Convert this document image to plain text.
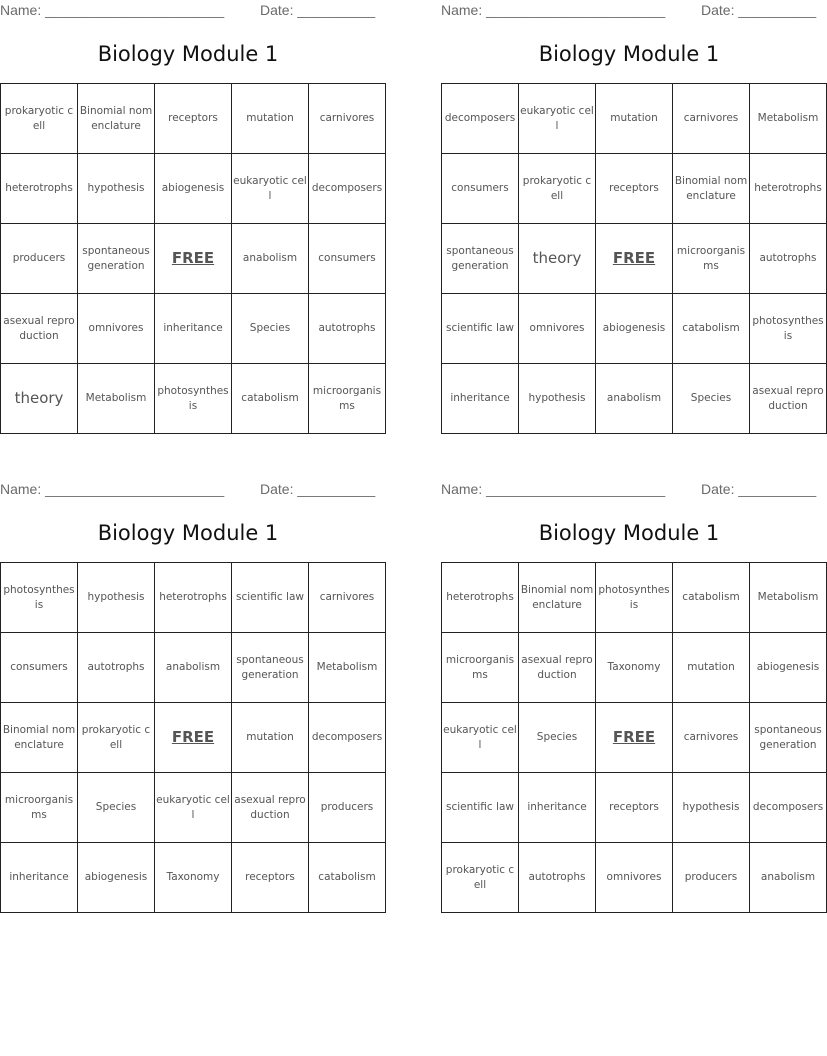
Name: _______________________	Date: __________
Biology Module 1
prokaryotic cell	Binomial nomenclature	receptors	mutation	carnivores
heterotrophs	hypothesis	abiogenesis	eukaryotic cell	decomposers
producers	spontaneous generation	FREE	anabolism	consumers
asexual reproduction	omnivores	inheritance	Species	autotrophs
theory	Metabolism	photosynthesis	catabolism	microorganisms
Name: _______________________	Date: __________
Biology Module 1
decomposers	eukaryotic cell	mutation	carnivores	Metabolism
consumers	prokaryotic cell	receptors	Binomial nomenclature	heterotrophs
spontaneous generation	theory	FREE	microorganisms	autotrophs
scientific law	omnivores	abiogenesis	catabolism	photosynthesis
inheritance	hypothesis	anabolism	Species	asexual reproduction
Name: _______________________	Date: __________
Biology Module 1
photosynthesis	hypothesis	heterotrophs	scientific law	carnivores
consumers	autotrophs	anabolism	spontaneous generation	Metabolism
Binomial nomenclature	prokaryotic cell	FREE	mutation	decomposers
microorganisms	Species	eukaryotic cell	asexual reproduction	producers
inheritance	abiogenesis	Taxonomy	receptors	catabolism
Name: _______________________	Date: __________
Biology Module 1
heterotrophs	Binomial nomenclature	photosynthesis	catabolism	Metabolism
microorganisms	asexual reproduction	Taxonomy	mutation	abiogenesis
eukaryotic cell	Species	FREE	carnivores	spontaneous generation
scientific law	inheritance	receptors	hypothesis	decomposers
prokaryotic cell	autotrophs	omnivores	producers	anabolism
